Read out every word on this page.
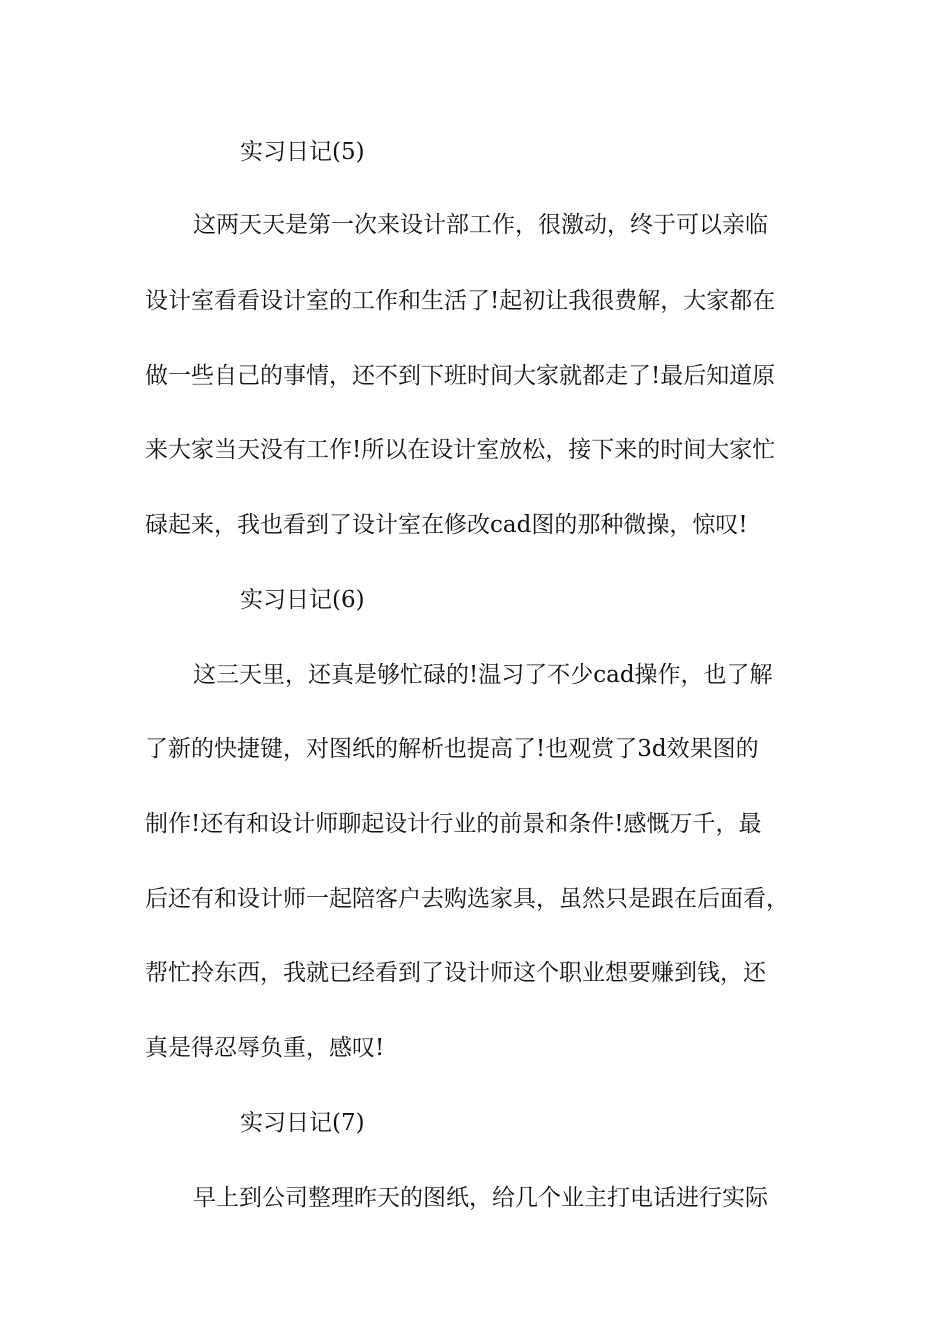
实习日记(5)
这两天天是第一次来设计部工作，很激动，终于可以亲临
设计室看看设计室的工作和生活了!起初让我很费解，大家都在
做一些自己的事情，还不到下班时间大家就都走了!最后知道原
来大家当天没有工作!所以在设计室放松，接下来的时间大家忙
碌起来，我也看到了设计室在修改cad图的那种微操，惊叹!
实习日记(6)
这三天里，还真是够忙碌的!温习了不少cad操作，也了解
了新的快捷键，对图纸的解析也提高了!也观赏了3d效果图的
制作!还有和设计师聊起设计行业的前景和条件!感慨万千，最
后还有和设计师一起陪客户去购选家具，虽然只是跟在后面看，
帮忙拎东西，我就已经看到了设计师这个职业想要赚到钱，还
真是得忍辱负重，感叹!
实习日记(7)
早上到公司整理昨天的图纸，给几个业主打电话进行实际
